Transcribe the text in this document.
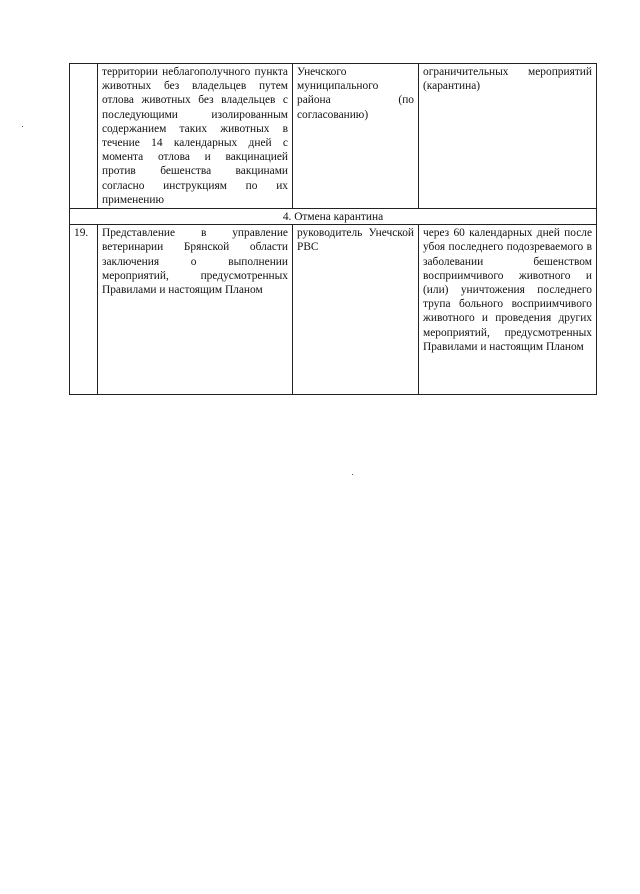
	территории неблагополучного пункта животных без владельцев путем отлова животных без владельцев с последующими изолированным содержанием таких животных в течение 14 календарных дней с момента отлова и вакцинацией против бешенства вакцинами согласно инструкциям по их применению	Унечского муниципального района (по согласованию)	ограничительных мероприятий (карантина)
4. Отмена карантина			
19.	Представление в управление ветеринарии Брянской области заключения о выполнении мероприятий, предусмотренных Правилами и настоящим Планом	руководитель Унечской РВС	через 60 календарных дней после убоя последнего подозреваемого в заболевании бешенством восприимчивого животного и (или) уничтожения последнего трупа больного восприимчивого животного и проведения других мероприятий, предусмотренных Правилами и настоящим Планом
